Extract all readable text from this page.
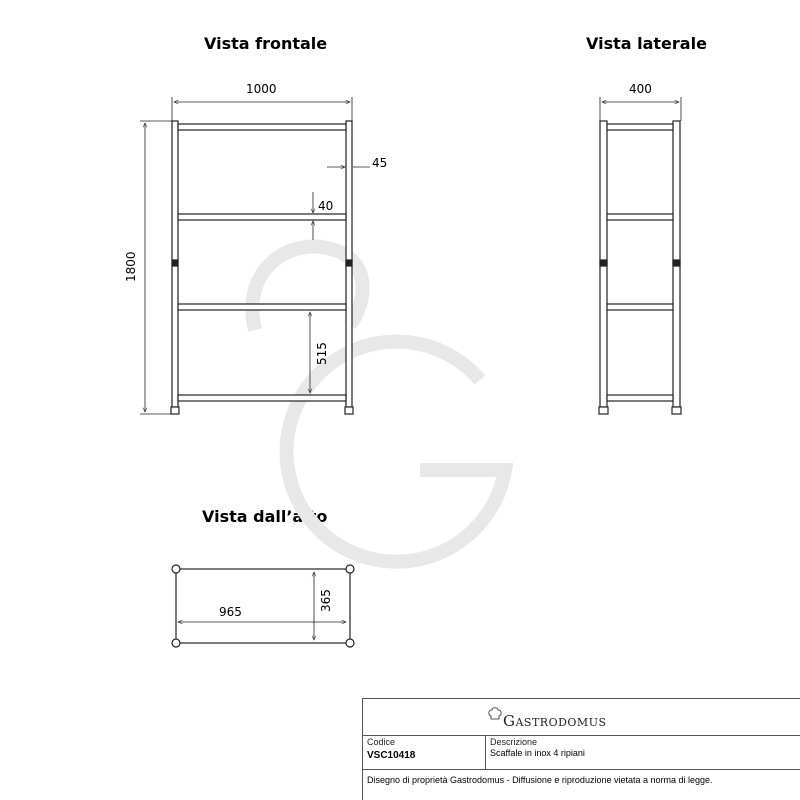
Vista frontale	Vista laterale
Vista dall’alto
1000
1800
45
40
515
400
965	365
Gastrodomus
Codice
VSC10418
Descrizione
Scaffale in inox 4 ripiani
Disegno di proprietà Gastrodomus - Diffusione e riproduzione vietata a norma di legge.
